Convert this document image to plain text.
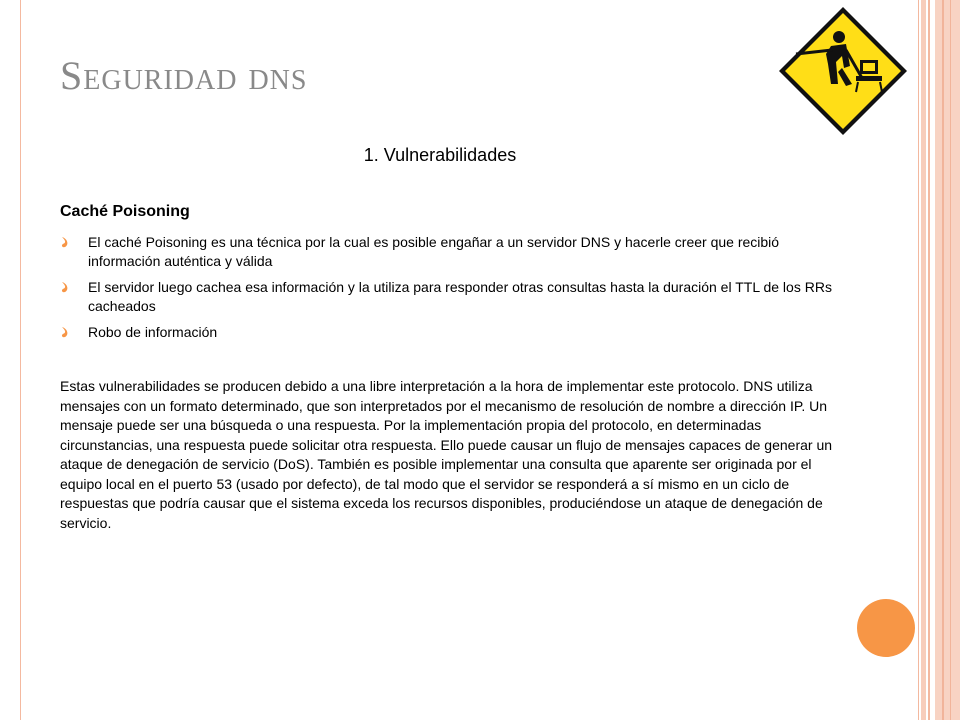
Seguridad dns
1. Vulnerabilidades
Caché Poisoning
El caché Poisoning es una técnica por la cual es posible engañar a un servidor DNS y hacerle creer que recibió información auténtica y válida
El servidor luego cachea esa información y la utiliza para responder otras consultas hasta la duración el TTL de los RRs cacheados
Robo de información

Estas vulnerabilidades se producen debido a una libre interpretación a la hora de implementar este protocolo. DNS utiliza mensajes con un formato determinado, que son interpretados por el mecanismo de resolución de nombre a dirección IP. Un mensaje puede ser una búsqueda o una respuesta. Por la implementación propia del protocolo, en determinadas circunstancias, una respuesta puede solicitar otra respuesta. Ello puede causar un flujo de mensajes capaces de generar un ataque de denegación de servicio (DoS). También es posible implementar una consulta que aparente ser originada por el equipo local en el puerto 53 (usado por defecto), de tal modo que el servidor se responderá a sí mismo en un ciclo de respuestas que podría causar que el sistema exceda los recursos disponibles, produciéndose un ataque de denegación de servicio.
